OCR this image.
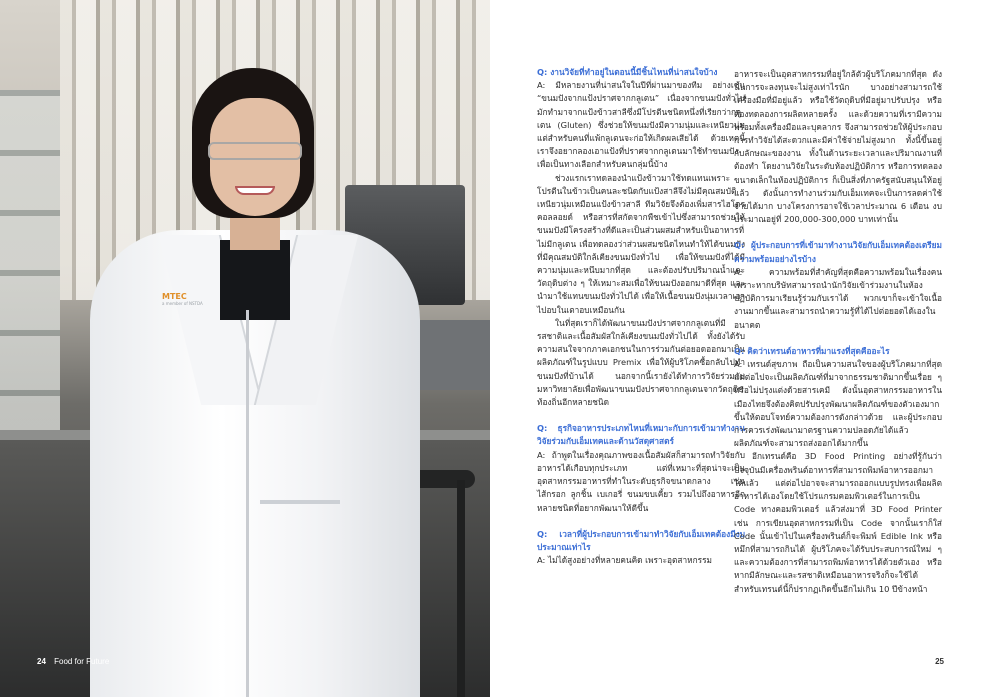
MTEC
a member of NSTDA
24 Food for Future

Q: งานวิจัยที่ทำอยู่ในตอนนี้มีชิ้นไหนที่น่าสนใจบ้าง

A: มีหลายงานที่น่าสนใจในปีที่ผ่านมาของทีม อย่างเช่น “ขนมปังจากแป้งปราศจากกลูเตน” เนื่องจากขนมปังทั่วไปมักทำมาจากแป้งข้าวสาลีซึ่งมีโปรตีนชนิดหนึ่งที่เรียกว่ากลูเตน (Gluten) ซึ่งช่วยให้ขนมปังมีความนุ่มและเหนียวนุ่ม แต่สำหรับคนที่แพ้กลูเตนจะก่อให้เกิดผลเสียได้ ด้วยเหตุนี้เราจึงอยากลองเอาแป้งที่ปราศจากกลูเตนมาใช้ทำขนมปังเพื่อเป็นทางเลือกสำหรับคนกลุ่มนี้บ้าง

ช่วงแรกเราทดลองนำแป้งข้าวมาใช้ทดแทนเพราะโปรตีนในข้าวเป็นคนละชนิดกับแป้งสาลีจึงไม่มีคุณสมบัติเหนียวนุ่มเหมือนแป้งข้าวสาลี ทีมวิจัยจึงต้องเพิ่มสารไฮโดรคอลลอยด์ หรือสารที่สกัดจากพืชเข้าไปซึ่งสามารถช่วยให้ขนมปังมีโครงสร้างที่ดีและเป็นส่วนผสมสำหรับเป็นอาหารที่ไม่มีกลูเตน เพื่อทดลองว่าส่วนผสมชนิดไหนทำให้ได้ขนมปังที่มีคุณสมบัติใกล้เคียงขนมปังทั่วไป เพื่อให้ขนมปังที่ได้มีความนุ่มและหนึบมากที่สุด และต้องปรับปริมาณน้ำและวัตถุดิบต่าง ๆ ให้เหมาะสมเพื่อให้ขนมปังออกมาดีที่สุด และนำมาใช้แทนขนมปังทั่วไปได้ เพื่อให้เนื้อขนมปังนุ่มเวลาเอาไปอบในเตาอบเหมือนกัน

ในที่สุดเราก็ได้พัฒนาขนมปังปราศจากกลูเตนที่มีรสชาติและเนื้อสัมผัสใกล้เคียงขนมปังทั่วไปได้ ทั้งยังได้รับความสนใจจากภาคเอกชนในการร่วมกันต่อยอดออกมาเป็นผลิตภัณฑ์ในรูปแบบ Premix เพื่อให้ผู้บริโภคซื้อกลับไปทำขนมปังที่บ้านได้ นอกจากนี้เรายังได้ทำการวิจัยร่วมกับมหาวิทยาลัยเพื่อพัฒนาขนมปังปราศจากกลูเตนจากวัตถุดิบท้องถิ่นอีกหลายชนิด

Q: ธุรกิจอาหารประเภทไหนที่เหมาะกับการเข้ามาทำงานวิจัยร่วมกับเอ็มเทคและด้านวัสดุศาสตร์

A: ถ้าพูดในเรื่องคุณภาพของเนื้อสัมผัสก็สามารถทำวิจัยกับอาหารได้เกือบทุกประเภท แต่ที่เหมาะที่สุดน่าจะเป็นอุตสาหกรรมอาหารที่ทำในระดับธุรกิจขนาดกลาง เช่น ไส้กรอก ลูกชิ้น เบเกอรี่ ขนมขบเคี้ยว รวมไปถึงอาหารอีกหลายชนิดที่อยากพัฒนาให้ดีขึ้น

Q: เวลาที่ผู้ประกอบการเข้ามาทำวิจัยกับเอ็มเทคต้องมีงบประมาณเท่าไร

A: ไม่ได้สูงอย่างที่หลายคนคิด เพราะอุตสาหกรรม

อาหารจะเป็นอุตสาหกรรมที่อยู่ใกล้ตัวผู้บริโภคมากที่สุด ดังนั้นการจะลงทุนจะไม่สูงเท่าไรนัก บางอย่างสามารถใช้เครื่องมือที่มีอยู่แล้ว หรือใช้วัตถุดิบที่มีอยู่มาปรับปรุง หรือต้องทดลองการผลิตหลายครั้ง และด้วยความที่เรามีความพร้อมทั้งเครื่องมือและบุคลากร จึงสามารถช่วยให้ผู้ประกอบการทำวิจัยได้สะดวกและมีค่าใช้จ่ายไม่สูงมาก ทั้งนี้ขึ้นอยู่กับลักษณะของงาน ทั้งในด้านระยะเวลาและปริมาณงานที่ต้องทำ โดยงานวิจัยในระดับห้องปฏิบัติการ หรือการทดลองขนาดเล็กในห้องปฏิบัติการ ก็เป็นสิ่งที่ภาครัฐสนับสนุนให้อยู่แล้ว ดังนั้นการทำงานร่วมกับเอ็มเทคจะเป็นการลดค่าใช้จ่ายได้มาก บางโครงการอาจใช้เวลาประมาณ 6 เดือน งบประมาณอยู่ที่ 200,000-300,000 บาทเท่านั้น

Q: ผู้ประกอบการที่เข้ามาทำงานวิจัยกับเอ็มเทคต้องเตรียมความพร้อมอย่างไรบ้าง

A: ความพร้อมที่สำคัญที่สุดคือความพร้อมในเรื่องคน เพราะหากบริษัทสามารถนำนักวิจัยเข้าร่วมงานในห้องปฏิบัติการมาเรียนรู้ร่วมกับเราได้ พวกเขาก็จะเข้าใจเนื้องานมากขึ้นและสามารถนำความรู้ที่ได้ไปต่อยอดได้เองในอนาคต

Q: คิดว่าเทรนด์อาหารที่มาแรงที่สุดคืออะไร

A: เทรนด์สุขภาพ ถือเป็นความสนใจของผู้บริโภคมากที่สุด แต่ต่อไปจะเป็นผลิตภัณฑ์ที่มาจากธรรมชาติมากขึ้นเรื่อย ๆ หรือไม่ปรุงแต่งด้วยสารเคมี ดังนั้นอุตสาหกรรมอาหารในเมืองไทยจึงต้องคิดปรับปรุงพัฒนาผลิตภัณฑ์ของตัวเองมากขึ้นให้ตอบโจทย์ความต้องการดังกล่าวด้วย และผู้ประกอบการควรเร่งพัฒนามาตรฐานความปลอดภัยได้แล้ว ผลิตภัณฑ์จะสามารถส่งออกได้มากขึ้น

อีกเทรนด์คือ 3D Food Printing อย่างที่รู้กันว่าปัจจุบันมีเครื่องพรินต์อาหารที่สามารถพิมพ์อาหารออกมาได้แล้ว แต่ต่อไปอาจจะสามารถออกแบบรูปทรงเพื่อผลิตอาหารได้เองโดยใช้โปรแกรมคอมพิวเตอร์ในการเป็น Code ทางคอมพิวเตอร์ แล้วส่งมาที่ 3D Food Printer เช่น การเขียนอุตสาหกรรมที่เป็น Code จากนั้นเราก็ใส่ Code นั้นเข้าไปในเครื่องพรินต์ก็จะพิมพ์ Edible Ink หรือหมึกที่สามารถกินได้ ผู้บริโภคจะได้รับประสบการณ์ใหม่ ๆ และความต้องการที่สามารถพิมพ์อาหารได้ด้วยตัวเอง หรือหากมีลักษณะและรสชาติเหมือนอาหารจริงก็จะใช้ได้ สำหรับเทรนด์นี้ก็ปรากฏเกิดขึ้นอีกไม่เกิน 10 ปีข้างหน้า

25
